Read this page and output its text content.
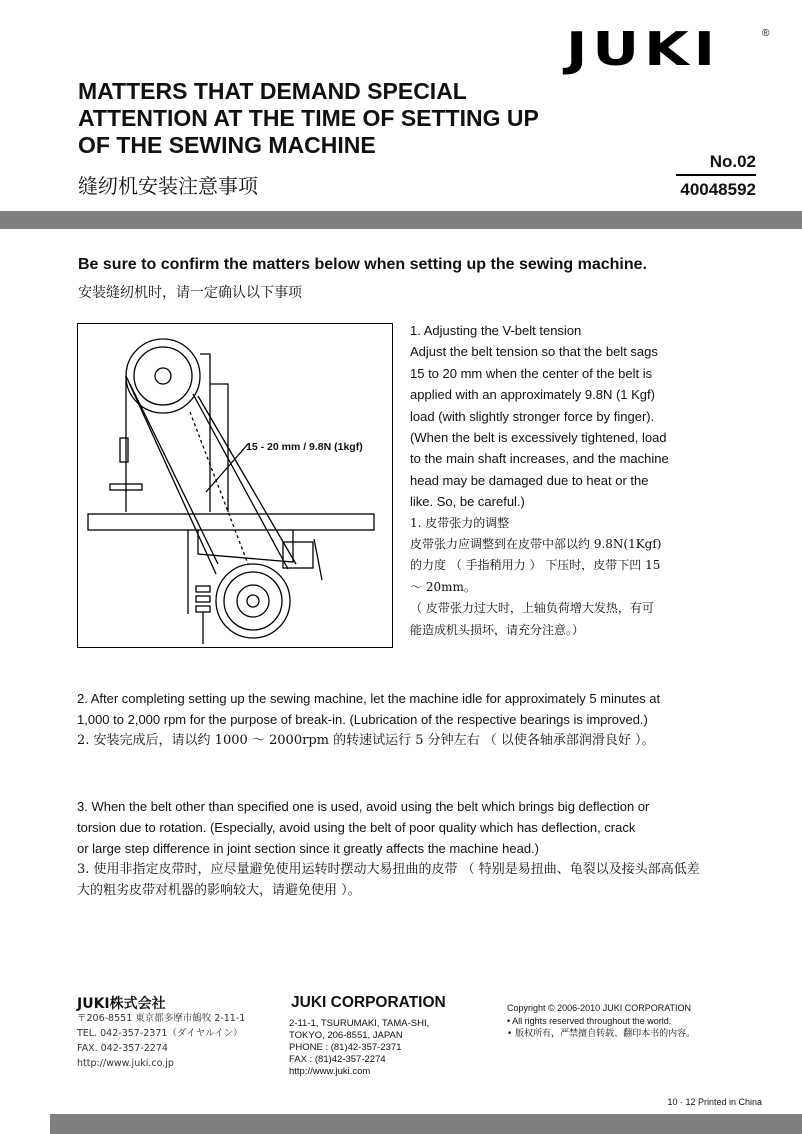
JUKI	®
MATTERS THAT DEMAND SPECIAL
ATTENTION AT THE TIME OF SETTING UP
OF THE SEWING MACHINE
缝纫机安装注意事项
No.02
40048592
Be sure to confirm the matters below when setting up the sewing machine.
安装缝纫机时，请一定确认以下事项
15 - 20 mm / 9.8N (1kgf)
1. Adjusting the V-belt tension
Adjust the belt tension so that the belt sags
15 to 20 mm when the center of the belt is
applied with an approximately 9.8N (1 Kgf)
load (with slightly stronger force by finger).
(When the belt is excessively tightened, load
to the main shaft increases, and the machine
head may be damaged due to heat or the
like. So, be careful.)
1. 皮带张力的调整
皮带张力应调整到在皮带中部以约 9.8N(1Kgf)
的力度 （ 手指稍用力 ） 下压时，皮带下凹 15
～ 20mm。
（ 皮带张力过大时，上轴负荷增大发热，有可
能造成机头损坏，请充分注意。）
2. After completing setting up the sewing machine, let the machine idle for approximately 5 minutes at
1,000 to 2,000 rpm for the purpose of break-in. (Lubrication of the respective bearings is improved.)
2. 安装完成后，请以约 1000 ～ 2000rpm 的转速试运行 5 分钟左右 （ 以使各轴承部润滑良好 ）。
3. When the belt other than specified one is used, avoid using the belt which brings big deflection or
torsion due to rotation. (Especially, avoid using the belt of poor quality which has deflection, crack
or large step difference in joint section since it greatly affects the machine head.)
3. 使用非指定皮带时，应尽量避免使用运转时摆动大易扭曲的皮带 （ 特别是易扭曲、龟裂以及接头部高低差
大的粗劣皮带对机器的影响较大，请避免使用 ）。
JUKI株式会社
〒206-8551 東京都多摩市鶴牧 2-11-1
TEL. 042-357-2371（ダイヤルイン）
FAX. 042-357-2274
http://www.juki.co.jp
JUKI CORPORATION
2-11-1, TSURUMAKI, TAMA-SHI,
TOKYO, 206-8551, JAPAN
PHONE : (81)42-357-2371
FAX : (81)42-357-2274
http://www.juki.com
Copyright © 2006-2010 JUKI CORPORATION
• All rights reserved throughout the world.
• 版权所有，严禁擅自转载、翻印本书的内容。
10 · 12 Printed in China
